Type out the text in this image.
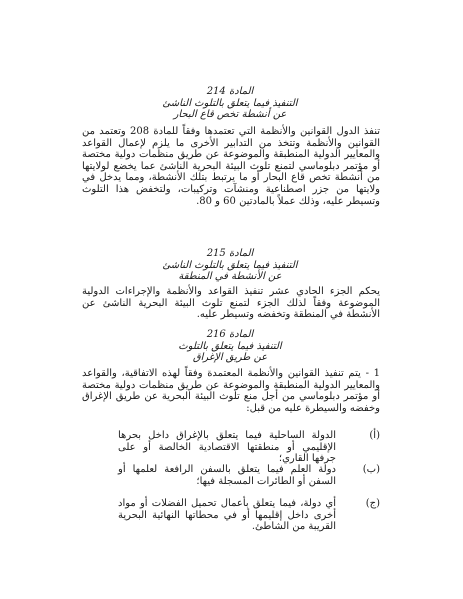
المادة 214
التنفيذ فيما يتعلق بالتلوث الناشئ
عن أنشطة تخص قاع البحار
تنفذ الدول القوانين والأنظمة التي تعتمدها وفقاً للمادة 208 وتعتمد من القوانين والأنظمة وتتخذ من التدابير الأخرى ما يلزم لإعمال القواعد والمعايير الدولية المنطبقة والموضوعة عن طريق منظمات دولية مختصة أو مؤتمر دبلوماسي لتمنع تلوث البيئة البحرية الناشئ عما يخضع لولايتها من أنشطة تخص قاع البحار أو ما يرتبط بتلك الأنشطة، ومما يدخل في ولايتها من جزر اصطناعية ومنشآت وتركيبات، ولتخفض هذا التلوث وتسيطر عليه، وذلك عملاً بالمادتين 60 و 80.
المادة 215
التنفيذ فيما يتعلق بالتلوث الناشئ
عن الأنشطة في المنطقة
يحكم الجزء الحادي عشر تنفيذ القواعد والأنظمة والإجراءات الدولية الموضوعة وفقاً لذلك الجزء لتمنع تلوث البيئة البحرية الناشئ عن الأنشطة في المنطقة وتخفضه وتسيطر عليه.
المادة 216
التنفيذ فيما يتعلق بالتلوث
عن طريق الإغراق
1 - يتم تنفيذ القوانين والأنظمة المعتمدة وفقاً لهذه الاتفاقية، والقواعد والمعايير الدولية المنطبقة والموضوعة عن طريق منظمات دولية مختصة أو مؤتمر دبلوماسي من أجل منع تلوث البيئة البحرية عن طريق الإغراق وخفضه والسيطرة عليه من قبل:
(أ)
الدولة الساحلية فيما يتعلق بالإغراق داخل بحرها الإقليمي أو منطقتها الاقتصادية الخالصة أو على جرفها القاري؛
(ب)
دولة العلم فيما يتعلق بالسفن الرافعة لعلمها أو السفن أو الطائرات المسجلة فيها؛
(ج)
أي دولة، فيما يتعلق بأعمال تحميل الفضلات أو مواد أخرى داخل إقليمها أو في محطاتها النهائية البحرية القريبة من الشاطئ.
